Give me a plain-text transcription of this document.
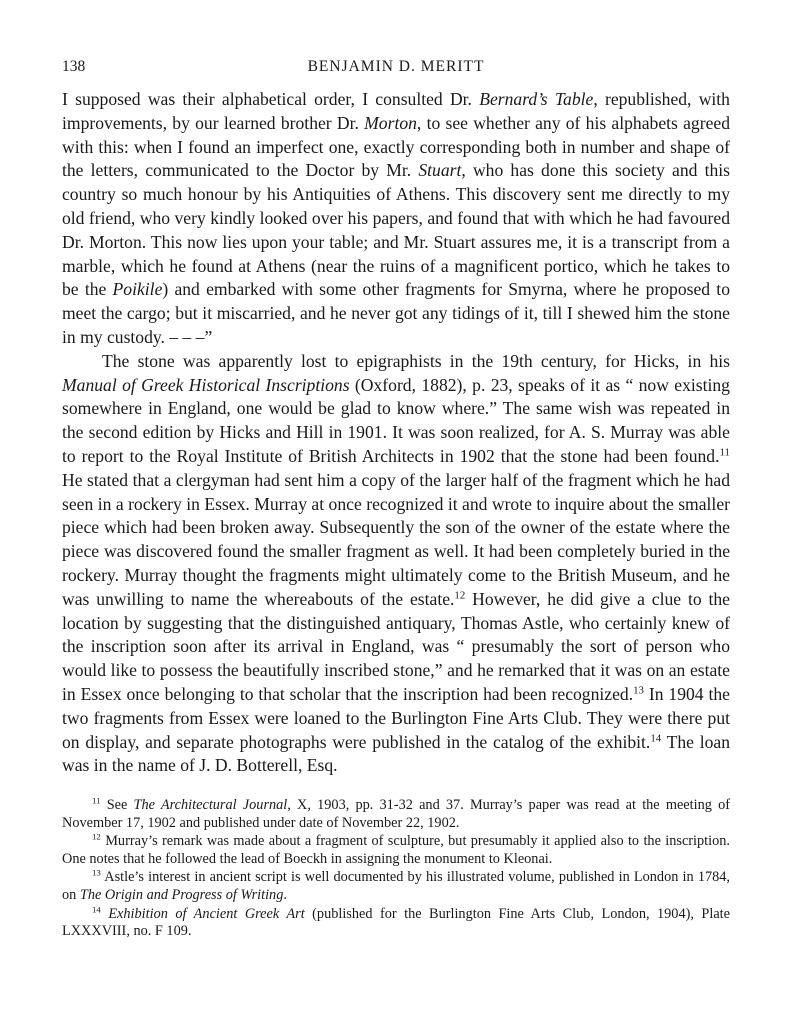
138	BENJAMIN D. MERITT

I supposed was their alphabetical order, I consulted Dr. Bernard’s Table, republished, with improvements, by our learned brother Dr. Morton, to see whether any of his alphabets agreed with this: when I found an imperfect one, exactly corresponding both in number and shape of the letters, communicated to the Doctor by Mr. Stuart, who has done this society and this country so much honour by his Antiquities of Athens. This discovery sent me directly to my old friend, who very kindly looked over his papers, and found that with which he had favoured Dr. Morton. This now lies upon your table; and Mr. Stuart assures me, it is a transcript from a marble, which he found at Athens (near the ruins of a magnificent portico, which he takes to be the Poikile) and embarked with some other fragments for Smyrna, where he proposed to meet the cargo; but it miscarried, and he never got any tidings of it, till I shewed him the stone in my custody. – – –”

The stone was apparently lost to epigraphists in the 19th century, for Hicks, in his Manual of Greek Historical Inscriptions (Oxford, 1882), p. 23, speaks of it as “ now existing somewhere in England, one would be glad to know where.” The same wish was repeated in the second edition by Hicks and Hill in 1901. It was soon realized, for A. S. Murray was able to report to the Royal Institute of British Architects in 1902 that the stone had been found.$^{11}$ He stated that a clergyman had sent him a copy of the larger half of the fragment which he had seen in a rockery in Essex. Murray at once recognized it and wrote to inquire about the smaller piece which had been broken away. Subsequently the son of the owner of the estate where the piece was discovered found the smaller fragment as well. It had been completely buried in the rockery. Murray thought the fragments might ultimately come to the British Museum, and he was unwilling to name the whereabouts of the estate.$^{12}$ However, he did give a clue to the location by suggesting that the distinguished antiquary, Thomas Astle, who certainly knew of the inscription soon after its arrival in England, was “ presumably the sort of person who would like to possess the beautifully inscribed stone,” and he remarked that it was on an estate in Essex once belonging to that scholar that the inscription had been recognized.$^{13}$ In 1904 the two fragments from Essex were loaned to the Burlington Fine Arts Club. They were there put on display, and separate photographs were published in the catalog of the exhibit.$^{14}$ The loan was in the name of J. D. Botterell, Esq.

$^{11}$ See The Architectural Journal, X, 1903, pp. 31-32 and 37. Murray’s paper was read at the meeting of November 17, 1902 and published under date of November 22, 1902.

$^{12}$ Murray’s remark was made about a fragment of sculpture, but presumably it applied also to the inscription. One notes that he followed the lead of Boeckh in assigning the monument to Kleonai.

$^{13}$ Astle’s interest in ancient script is well documented by his illustrated volume, published in London in 1784, on The Origin and Progress of Writing.

$^{14}$ Exhibition of Ancient Greek Art (published for the Burlington Fine Arts Club, London, 1904), Plate LXXXVIII, no. F 109.
